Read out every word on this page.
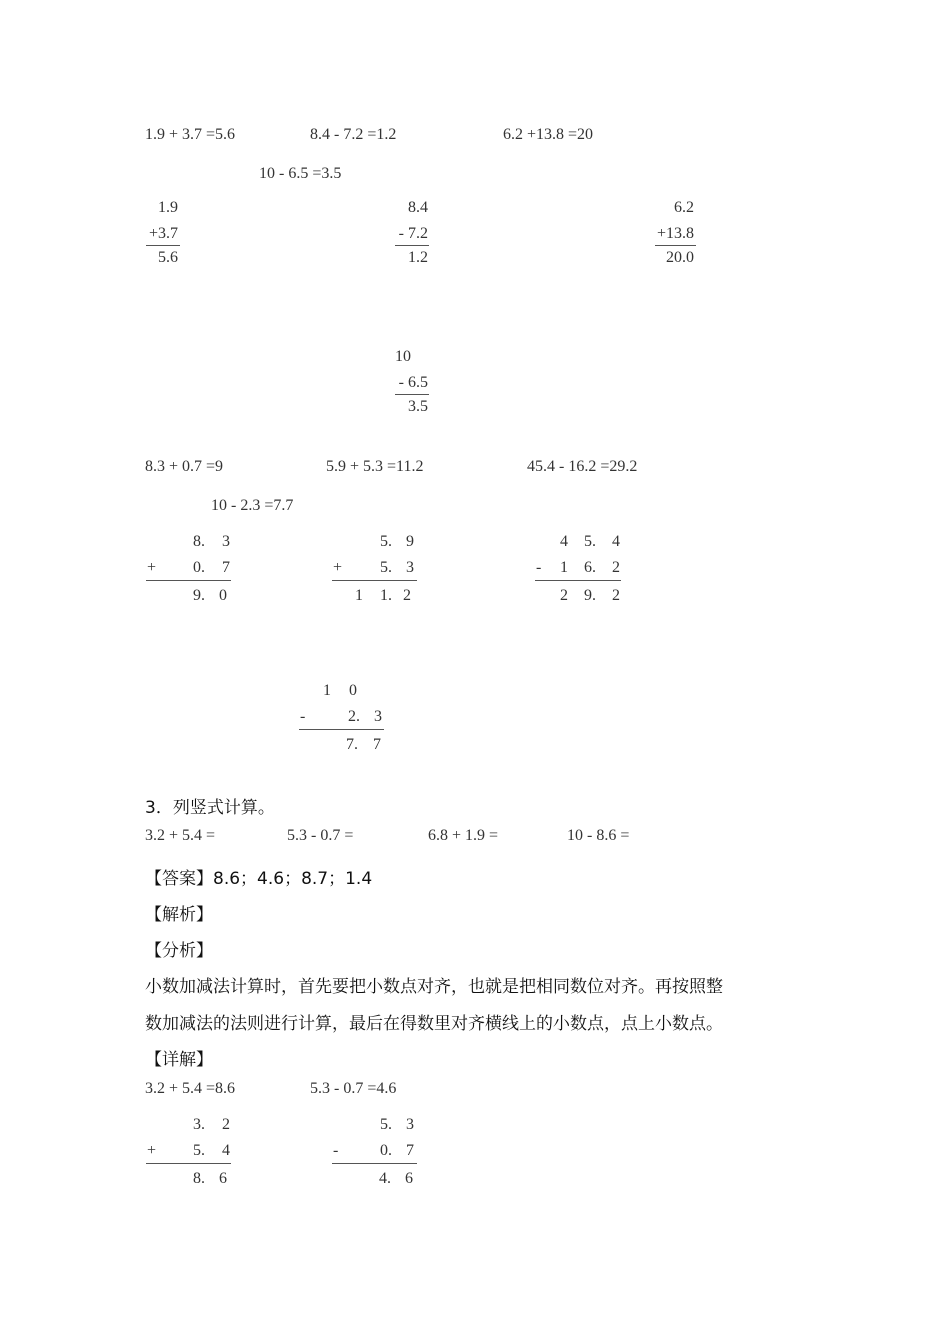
1.9 + 3.7 =5.6	8.4 - 7.2 =1.2	6.2 +13.8 =20
10 - 6.5 =3.5
1.9
+3.7
5.6
8.4
- 7.2
1.2
6.2
+13.8
20.0
10
- 6.5
3.5
8.3 + 0.7 =9	5.9 + 5.3 =11.2	45.4 - 16.2 =29.2
10 - 2.3 =7.7
8. 3
+ 0. 7
9. 0
5. 9
+ 5. 3
1 1. 2
4 5. 4
- 1 6. 2
2 9. 2
1 0
-	2. 3
7. 7
3．列竖式计算。
3.2 + 5.4 =	5.3 - 0.7 =	6.8 + 1.9 =	10 - 8.6 =
【答案】8.6；4.6；8.7；1.4
【解析】
【分析】
小数加减法计算时，首先要把小数点对齐，也就是把相同数位对齐。再按照整
数加减法的法则进行计算，最后在得数里对齐横线上的小数点，点上小数点。
【详解】
3.2 + 5.4 =8.6	5.3 - 0.7 =4.6
3. 2
+ 5. 4
8. 6
5. 3
-	0. 7
4. 6
